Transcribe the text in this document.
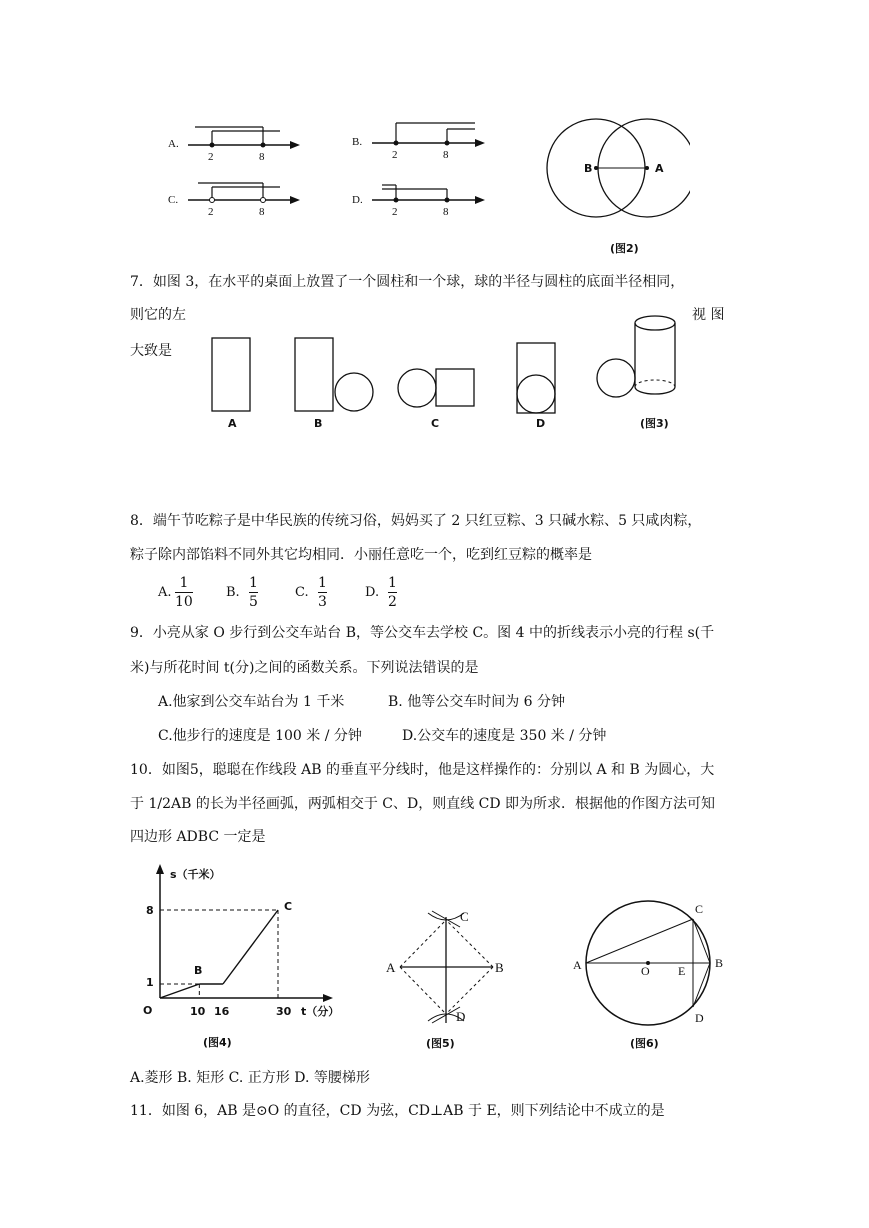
A.
2	8
B.
2	8
C.
2	8
D.
2	8
B	A
(图2)
7．如图 3，在水平的桌面上放置了一个圆柱和一个球，球的半径与圆柱的底面半径相同，
则它的左	视 图
大致是
A	B	C	D	(图3)
8．端午节吃粽子是中华民族的传统习俗，妈妈买了 2 只红豆粽、3 只碱水粽、5 只咸肉粽，
粽子除内部馅料不同外其它均相同．小丽任意吃一个，吃到红豆粽的概率是
A.
1
10
B.
1
5
C.
1
3
D.
1
2
9．小亮从家 O 步行到公交车站台 B，等公交车去学校 C。图 4 中的折线表示小亮的行程 s(千
米)与所花时间 t(分)之间的函数关系。下列说法错误的是
A.他家到公交车站台为 1 千米	B. 他等公交车时间为 6 分钟
C.他步行的速度是 100 米 / 分钟	D.公交车的速度是 350 米 / 分钟
10．如图5，聪聪在作线段 AB 的垂直平分线时，他是这样操作的：分别以 A 和 B 为圆心，大
于 1/2AB 的长为半径画弧，两弧相交于 C、D，则直线 CD 即为所求．根据他的作图方法可知
四边形 ADBC 一定是
s（千米）
t（分）
8
1
O	10 16	30
B
C
(图4)
A	B
C
D
(图5)
A	O E
B
C
D
(图6)
A.菱形 B. 矩形 C. 正方形 D. 等腰梯形
11．如图 6，AB 是⊙O 的直径，CD 为弦，CD⊥AB 于 E，则下列结论中不成立的是
